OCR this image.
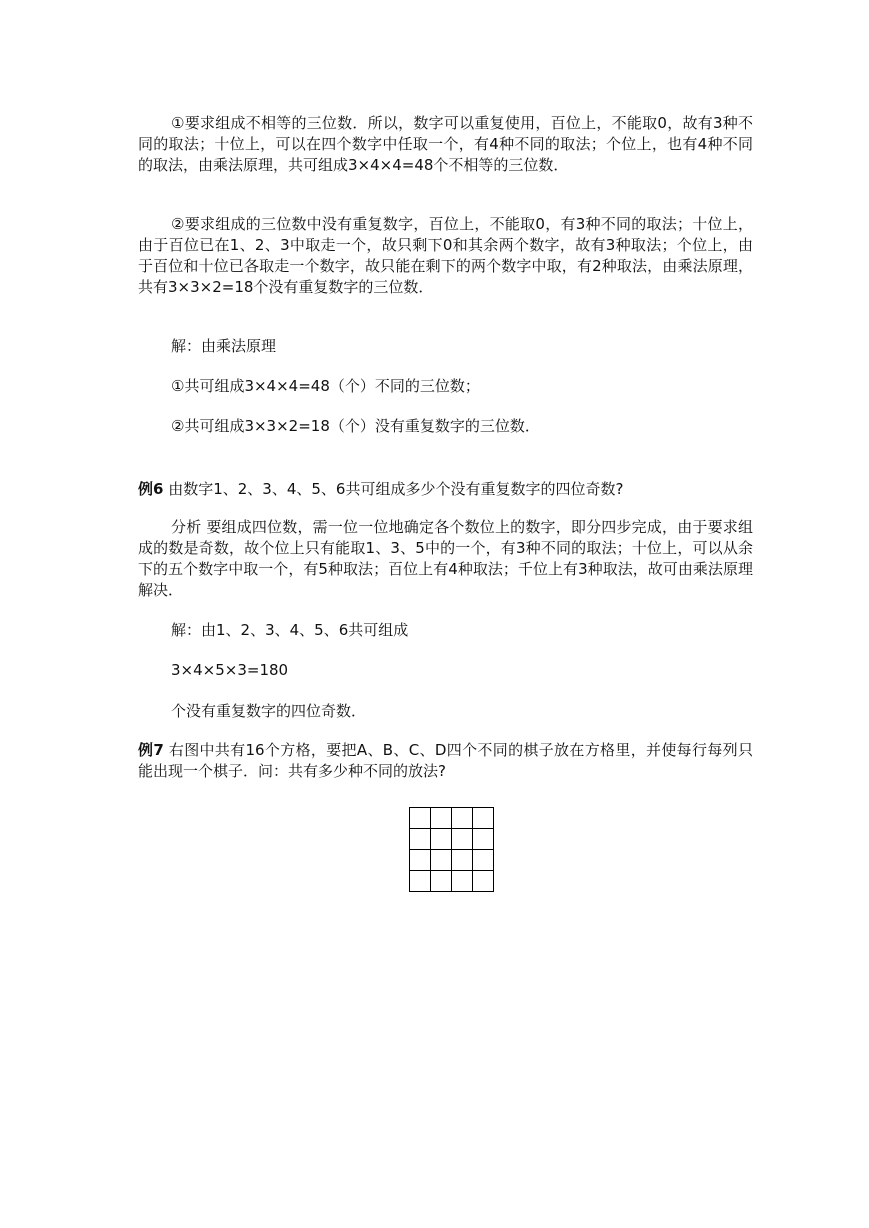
①要求组成不相等的三位数．所以，数字可以重复使用，百位上，不能取0，故有3种不同的取法；十位上，可以在四个数字中任取一个，有4种不同的取法；个位上，也有4种不同的取法，由乘法原理，共可组成3×4×4=48个不相等的三位数．

②要求组成的三位数中没有重复数字，百位上，不能取0，有3种不同的取法；十位上，由于百位已在1、2、3中取走一个，故只剩下0和其余两个数字，故有3种取法；个位上，由于百位和十位已各取走一个数字，故只能在剩下的两个数字中取，有2种取法，由乘法原理，共有3×3×2=18个没有重复数字的三位数．

解：由乘法原理
①共可组成3×4×4=48（个）不同的三位数；
②共可组成3×3×2=18（个）没有重复数字的三位数．

例6 由数字1、2、3、4、5、6共可组成多少个没有重复数字的四位奇数?

分析 要组成四位数，需一位一位地确定各个数位上的数字，即分四步完成，由于要求组成的数是奇数，故个位上只有能取1、3、5中的一个，有3种不同的取法；十位上，可以从余下的五个数字中取一个，有5种取法；百位上有4种取法；千位上有3种取法，故可由乘法原理解决．

解：由1、2、3、4、5、6共可组成
3×4×5×3=180
个没有重复数字的四位奇数．

例7 右图中共有16个方格，要把A、B、C、D四个不同的棋子放在方格里，并使每行每列只能出现一个棋子．问：共有多少种不同的放法?
